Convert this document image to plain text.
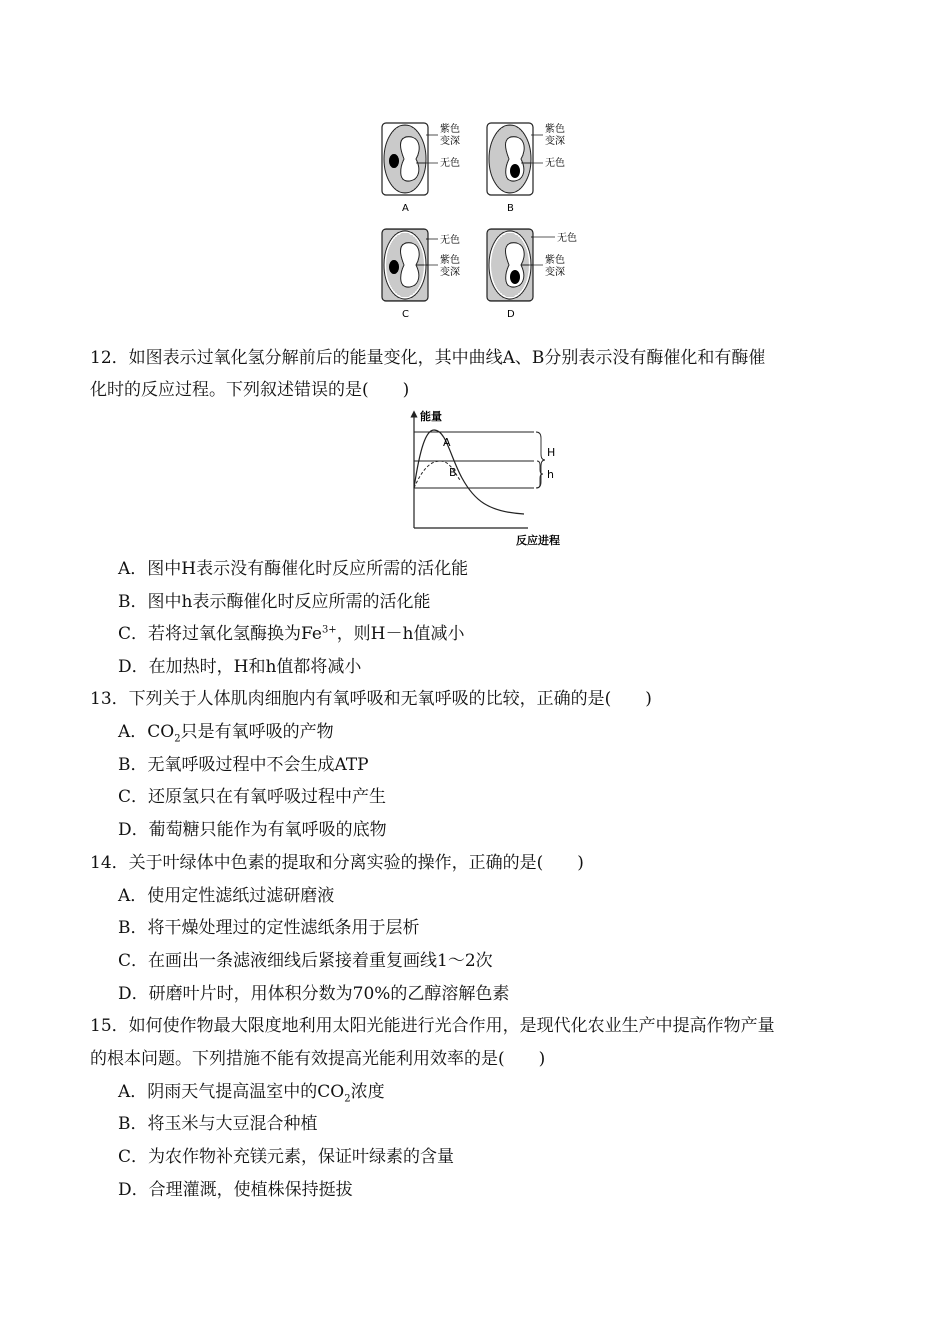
紫色
变深
无色
A
紫色
变深
无色
B
无色
紫色
变深
C
无色
紫色
变深
D
12．如图表示过氧化氢分解前后的能量变化，其中曲线A、B分别表示没有酶催化和有酶催
化时的反应过程。下列叙述错误的是(　　)
能量
反应进程
A
B
H
h
A．图中H表示没有酶催化时反应所需的活化能
B．图中h表示酶催化时反应所需的活化能
C．若将过氧化氢酶换为$Fe^{3+}$，则H－h值减小
D．在加热时，H和h值都将减小
13．下列关于人体肌肉细胞内有氧呼吸和无氧呼吸的比较，正确的是(　　)
A．$CO_2$只是有氧呼吸的产物
B．无氧呼吸过程中不会生成ATP
C．还原氢只在有氧呼吸过程中产生
D．葡萄糖只能作为有氧呼吸的底物
14．关于叶绿体中色素的提取和分离实验的操作，正确的是(　　)
A．使用定性滤纸过滤研磨液
B．将干燥处理过的定性滤纸条用于层析
C．在画出一条滤液细线后紧接着重复画线1～2次
D．研磨叶片时，用体积分数为70%的乙醇溶解色素
15．如何使作物最大限度地利用太阳光能进行光合作用，是现代化农业生产中提高作物产量
的根本问题。下列措施不能有效提高光能利用效率的是(　　)
A．阴雨天气提高温室中的$CO_2$浓度
B．将玉米与大豆混合种植
C．为农作物补充镁元素，保证叶绿素的含量
D．合理灌溉，使植株保持挺拔
